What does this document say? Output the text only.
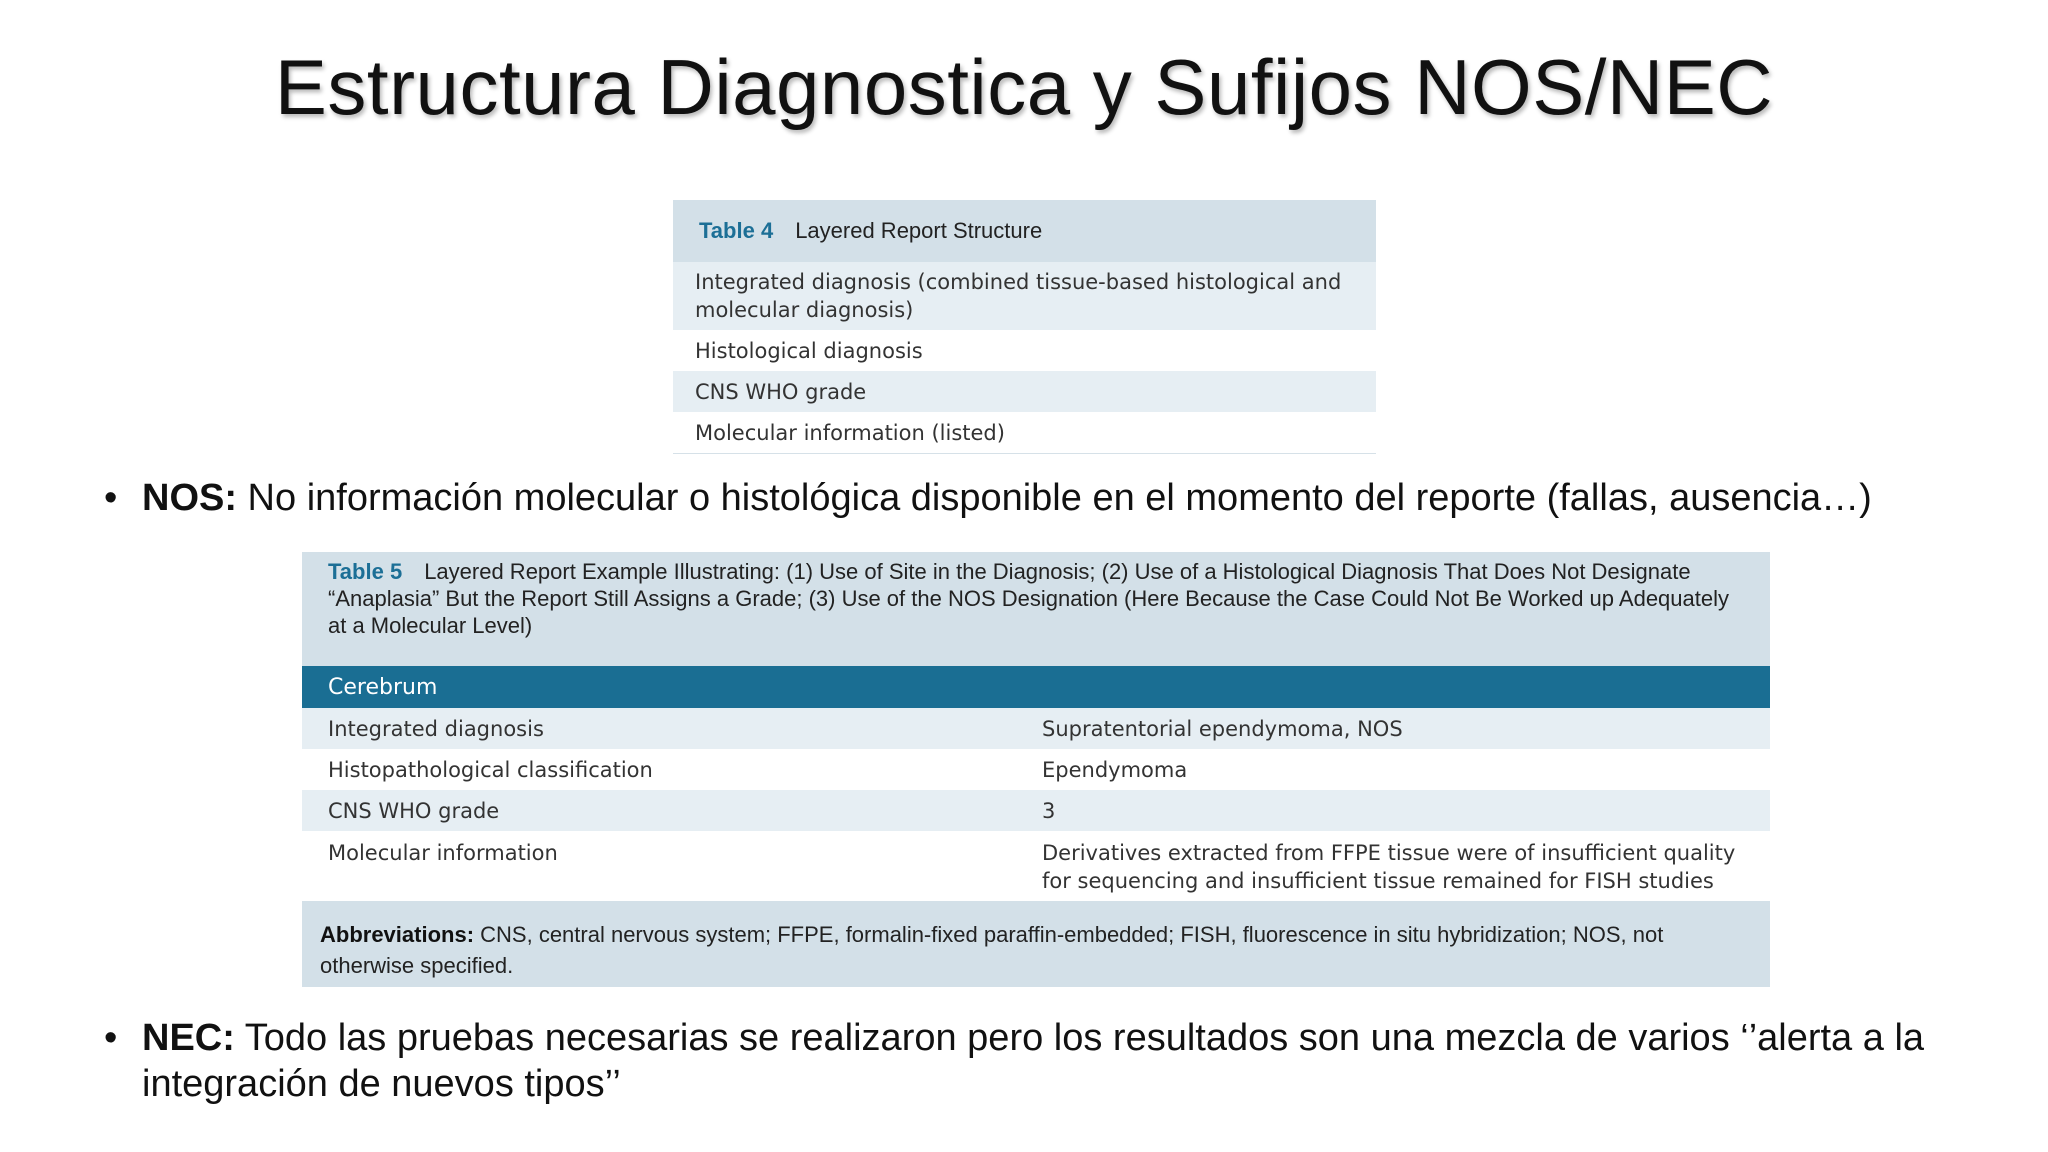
Estructura Diagnostica y Sufijos NOS/NEC
Table 4 Layered Report Structure
Integrated diagnosis (combined tissue-based histological and molecular diagnosis)
Histological diagnosis
CNS WHO grade
Molecular information (listed)
• NOS: No información molecular o histológica disponible en el momento del reporte (fallas, ausencia…)
Table 5 Layered Report Example Illustrating: (1) Use of Site in the Diagnosis; (2) Use of a Histological Diagnosis That Does Not Designate “Anaplasia” But the Report Still Assigns a Grade; (3) Use of the NOS Designation (Here Because the Case Could Not Be Worked up Adequately at a Molecular Level)
Cerebrum
Integrated diagnosis	Supratentorial ependymoma, NOS
Histopathological classification	Ependymoma
CNS WHO grade	3
Molecular information	Derivatives extracted from FFPE tissue were of insufficient quality for sequencing and insufficient tissue remained for FISH studies
Abbreviations: CNS, central nervous system; FFPE, formalin-fixed paraffin-embedded; FISH, fluorescence in situ hybridization; NOS, not otherwise specified.
• NEC: Todo las pruebas necesarias se realizaron pero los resultados son una mezcla de varios ‘’alerta a la integración de nuevos tipos’’
